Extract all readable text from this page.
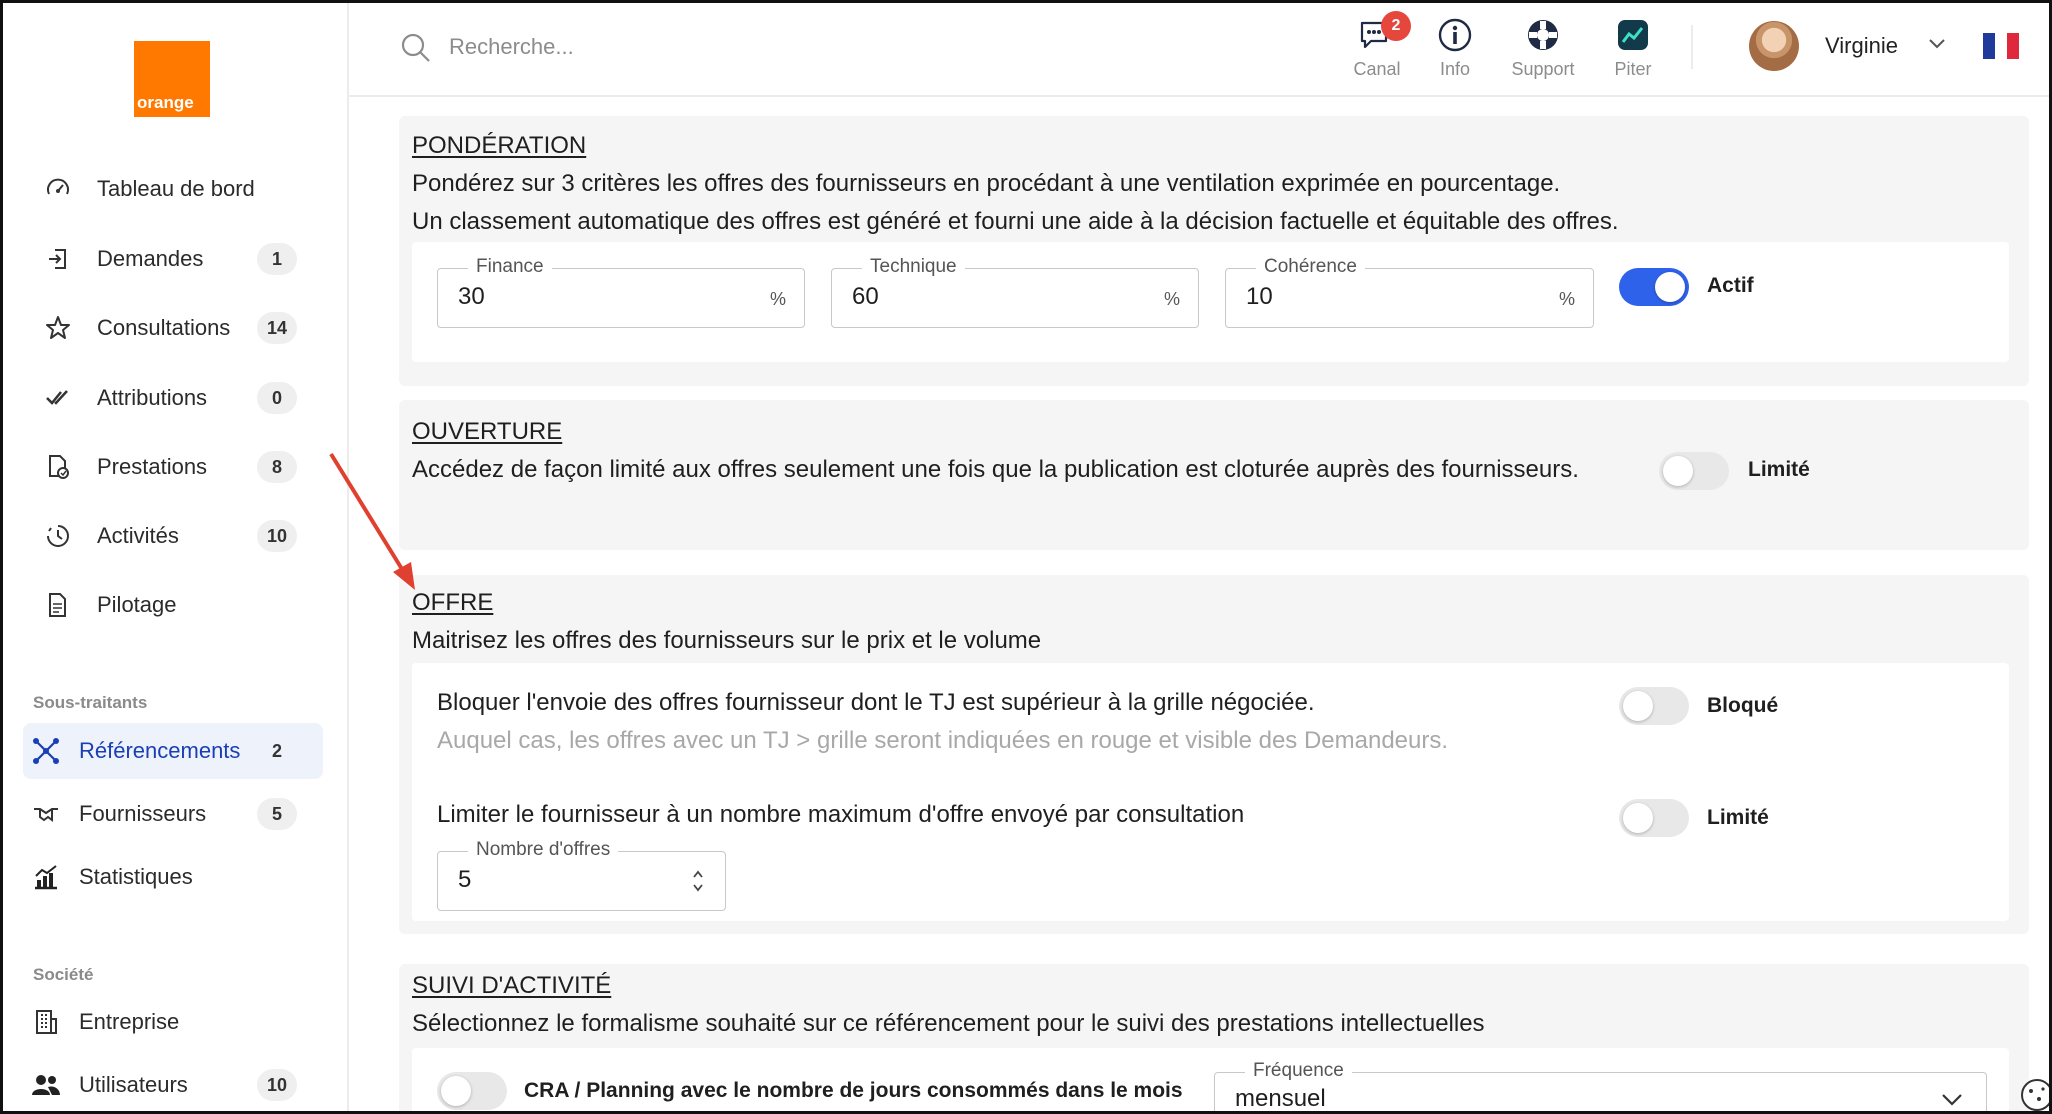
orange
Tableau de bord
Demandes	1
Consultations	14
Attributions	0
Prestations	8
Activités	10
Pilotage
Sous-traitants
Référencements	2
Fournisseurs	5
Statistiques
Société
Entreprise
Utilisateurs	10
Recherche...
2
Canal	Info	Support	Piter
Virginie
PONDÉRATION
Pondérez sur 3 critères les offres des fournisseurs en procédant à une ventilation exprimée en pourcentage.
Un classement automatique des offres est généré et fourni une aide à la décision factuelle et équitable des offres.
Finance
30
%
Technique
60
%
Cohérence
10
%
Actif
OUVERTURE
Accédez de façon limité aux offres seulement une fois que la publication est cloturée auprès des fournisseurs.	Limité
OFFRE
Maitrisez les offres des fournisseurs sur le prix et le volume
Bloquer l'envoie des offres fournisseur dont le TJ est supérieur à la grille négociée.
Auquel cas, les offres avec un TJ > grille seront indiquées en rouge et visible des Demandeurs.
Bloqué
Limiter le fournisseur à un nombre maximum d'offre envoyé par consultation	Limité
Nombre d'offres
5
SUIVI D'ACTIVITÉ
Sélectionnez le formalisme souhaité sur ce référencement pour le suivi des prestations intellectuelles
CRA / Planning avec le nombre de jours consommés dans le mois
Fréquence
mensuel
